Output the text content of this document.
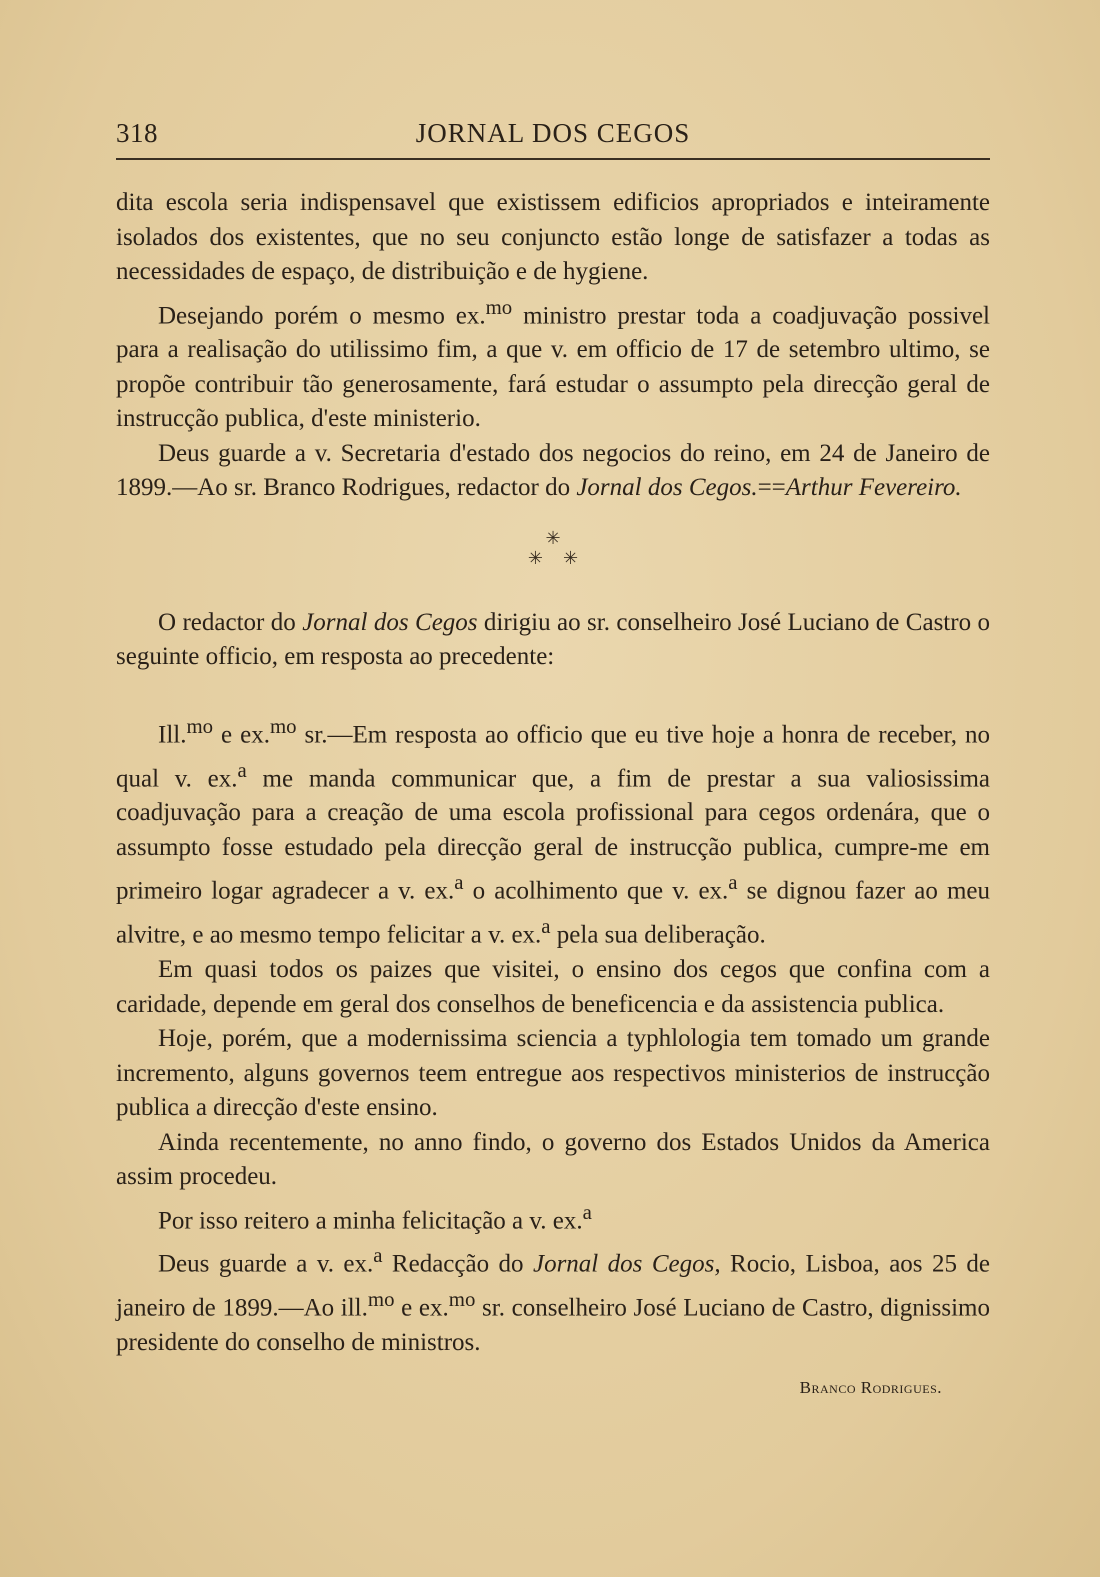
318	JORNAL DOS CEGOS

dita escola seria indispensavel que existissem edificios apropriados e inteiramente isolados dos existentes, que no seu conjuncto estão longe de satisfazer a todas as necessidades de espaço, de distribuição e de hygiene.

Desejando porém o mesmo ex.$^{mo}$ ministro prestar toda a coadjuvação possivel para a realisação do utilissimo fim, a que v. em officio de 17 de setembro ultimo, se propõe contribuir tão generosamente, fará estudar o assumpto pela direcção geral de instrucção publica, d'este ministerio.

Deus guarde a v. Secretaria d'estado dos negocios do reino, em 24 de Janeiro de 1899.—Ao sr. Branco Rodrigues, redactor do Jornal dos Cegos.==Arthur Fevereiro.

✳
✳ ✳

O redactor do Jornal dos Cegos dirigiu ao sr. conselheiro José Luciano de Castro o seguinte officio, em resposta ao precedente:

Ill.$^{mo}$ e ex.$^{mo}$ sr.—Em resposta ao officio que eu tive hoje a honra de receber, no qual v. ex.$^a$ me manda communicar que, a fim de prestar a sua valiosissima coadjuvação para a creação de uma escola profissional para cegos ordenára, que o assumpto fosse estudado pela direcção geral de instrucção publica, cumpre-me em primeiro logar agradecer a v. ex.$^a$ o acolhimento que v. ex.$^a$ se dignou fazer ao meu alvitre, e ao mesmo tempo felicitar a v. ex.$^a$ pela sua deliberação.

Em quasi todos os paizes que visitei, o ensino dos cegos que confina com a caridade, depende em geral dos conselhos de beneficencia e da assistencia publica.

Hoje, porém, que a modernissima sciencia a typhlologia tem tomado um grande incremento, alguns governos teem entregue aos respectivos ministerios de instrucção publica a direcção d'este ensino.

Ainda recentemente, no anno findo, o governo dos Estados Unidos da America assim procedeu.

Por isso reitero a minha felicitação a v. ex.$^a$

Deus guarde a v. ex.$^a$ Redacção do Jornal dos Cegos, Rocio, Lisboa, aos 25 de janeiro de 1899.—Ao ill.$^{mo}$ e ex.$^{mo}$ sr. conselheiro José Luciano de Castro, dignissimo presidente do conselho de ministros.

Branco Rodrigues.
